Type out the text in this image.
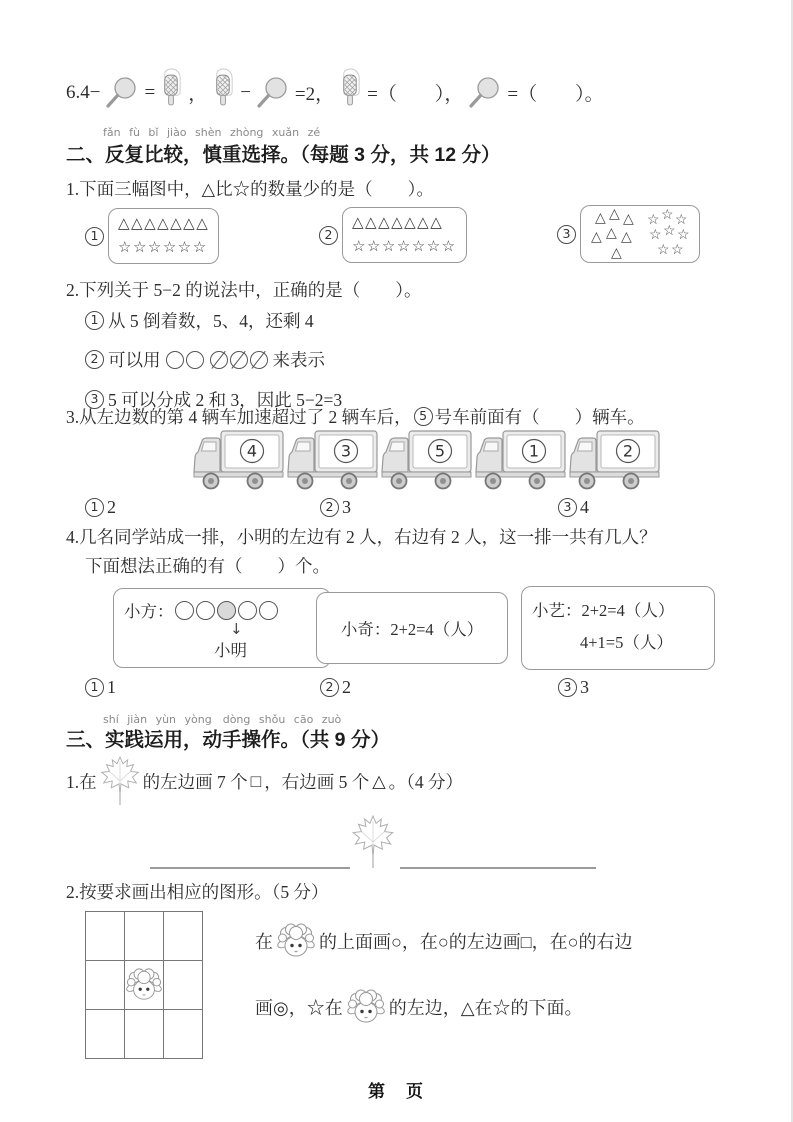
6.4− = ， − =2， =（　　）， =（　　）。
fǎn fù bǐ jiào shèn zhòng xuǎn zé
二、反复比较，慎重选择。（每题 3 分，共 12 分）
1.下面三幅图中，△比☆的数量少的是（　　）。
1
△△△△△△△
☆☆☆☆☆☆
2
△△△△△△△
☆☆☆☆☆☆☆
3
△ △ △
△ △ △
△
☆ ☆ ☆
☆ ☆ ☆
☆ ☆
2.下列关于 5−2 的说法中，正确的是（　　）。
1 从 5 倒着数，5、4，还剩 4
2 可以用	来表示
3 5 可以分成 2 和 3，因此 5−2=3
3.从左边数的第 4 辆车加速超过了 2 辆车后， 5 号车前面有（　　）辆车。
4	3	5	1	2
1 2	2 3	3 4
4.几名同学站成一排，小明的左边有 2 人，右边有 2 人，这一排一共有几人？
下面想法正确的有（　　）个。
小方：
↓
小明
小奇： 2+2=4（人）
小艺：2+2=4（人）
4+1=5（人）
1 1	2 2	3 3
shí jiàn yùn yòng　dòng shǒu cāo zuò
三、实践运用，动手操作。（共 9 分）
1.在	的左边画 7 个 □ ，右边画 5 个 △ 。（4 分）
2.按要求画出相应的图形。（5 分）

在	的上面画○，在○的左边画□，在○的右边
画◎，☆在	的左边，△在☆的下面。
第　页
